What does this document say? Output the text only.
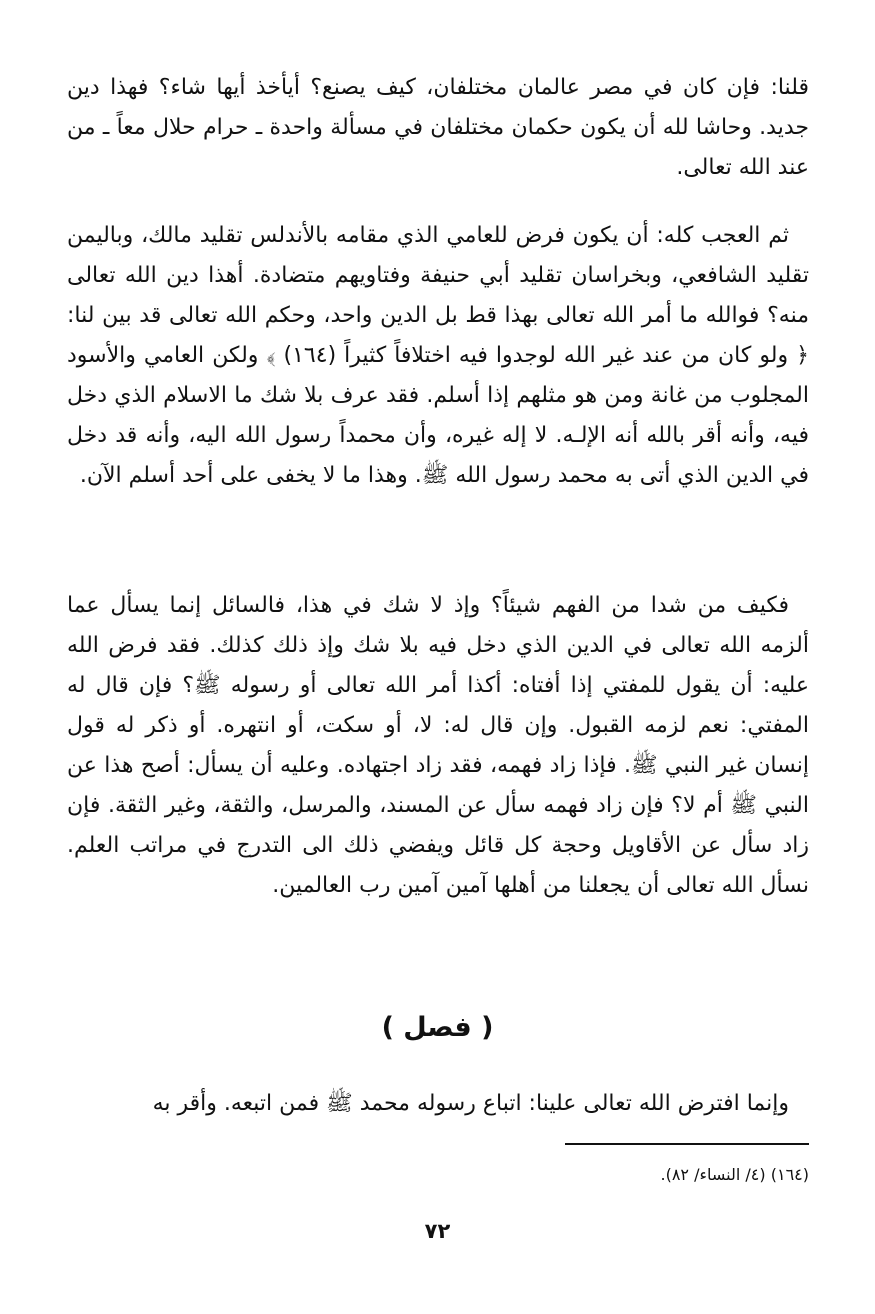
قلنا: فإن كان في مصر عالمان مختلفان، كيف يصنع؟ أيأخذ أيها شاء؟ فهذا دين جديد. وحاشا لله أن يكون حكمان مختلفان في مسألة واحدة ـ حرام حلال معاً ـ من عند الله تعالى.
ثم العجب كله: أن يكون فرض للعامي الذي مقامه بالأندلس تقليد مالك، وباليمن تقليد الشافعي، وبخراسان تقليد أبي حنيفة وفتاويهم متضادة. أهذا دين الله تعالى منه؟ فوالله ما أمر الله تعالى بهذا قط بل الدين واحد، وحكم الله تعالى قد بين لنا: ﴿ ولو كان من عند غير الله لوجدوا فيه اختلافاً كثيراً (١٦٤) ﴾ ولكن العامي والأسود المجلوب من غانة ومن هو مثلهم إذا أسلم. فقد عرف بلا شك ما الاسلام الذي دخل فيه، وأنه أقر بالله أنه الإلـه. لا إله غيره، وأن محمداً رسول الله اليه، وأنه قد دخل في الدين الذي أتى به محمد رسول الله ﷺ. وهذا ما لا يخفى على أحد أسلم الآن.
فكيف من شدا من الفهم شيئاً؟ وإذ لا شك في هذا، فالسائل إنما يسأل عما ألزمه الله تعالى في الدين الذي دخل فيه بلا شك وإذ ذلك كذلك. فقد فرض الله عليه: أن يقول للمفتي إذا أفتاه: أكذا أمر الله تعالى أو رسوله ﷺ؟ فإن قال له المفتي: نعم لزمه القبول. وإن قال له: لا، أو سكت، أو انتهره. أو ذكر له قول إنسان غير النبي ﷺ. فإذا زاد فهمه، فقد زاد اجتهاده. وعليه أن يسأل: أصح هذا عن النبي ﷺ أم لا؟ فإن زاد فهمه سأل عن المسند، والمرسل، والثقة، وغير الثقة. فإن زاد سأل عن الأقاويل وحجة كل قائل ويفضي ذلك الى التدرج في مراتب العلم. نسأل الله تعالى أن يجعلنا من أهلها آمين آمين رب العالمين.
( فصل )
وإنما افترض الله تعالى علينا: اتباع رسوله محمد ﷺ فمن اتبعه. وأقر به
(١٦٤) (٤/ النساء/ ٨٢).
٧٢
